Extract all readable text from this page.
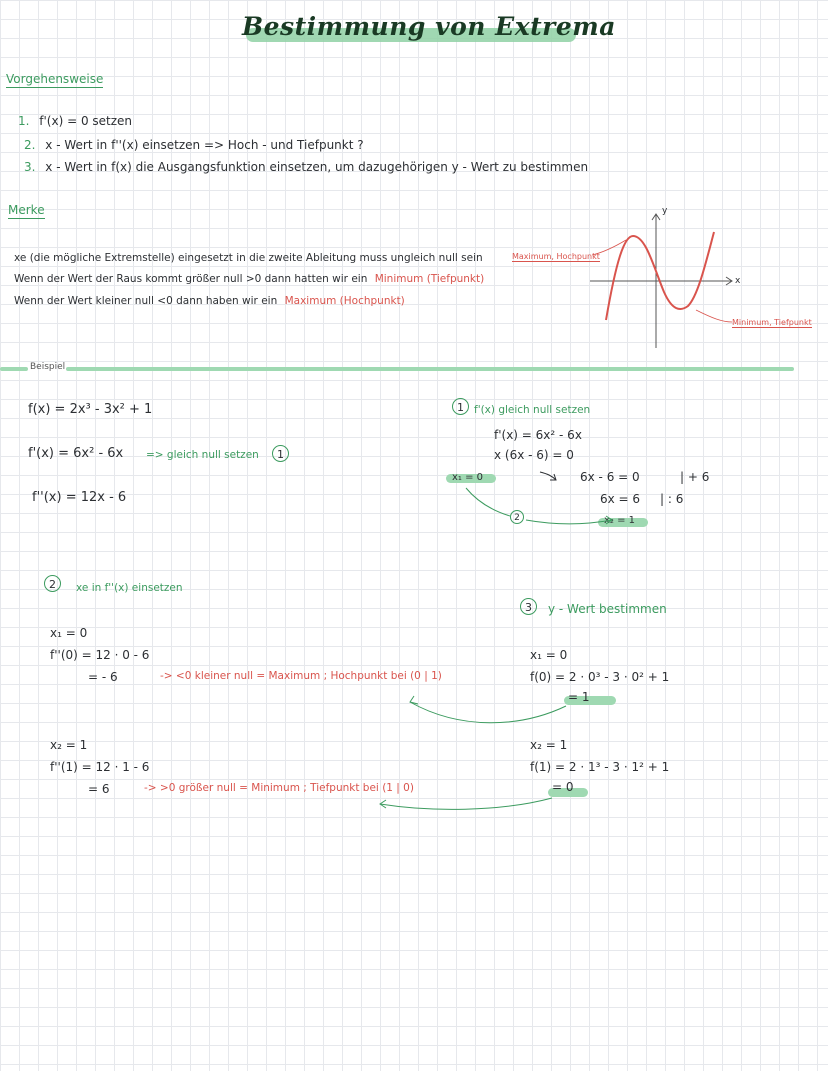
Bestimmung von Extrema
Vorgehensweise
1. f'(x) = 0 setzen
2. x - Wert in f''(x) einsetzen => Hoch - und Tiefpunkt ?
3. x - Wert in f(x) die Ausgangsfunktion einsetzen, um dazugehörigen y - Wert zu bestimmen
Merke
xe (die mögliche Extremstelle) eingesetzt in die zweite Ableitung muss ungleich null sein
Wenn der Wert der Raus kommt größer null >0 dann hatten wir ein Minimum (Tiefpunkt)
Wenn der Wert kleiner null <0 dann haben wir ein Maximum (Hochpunkt)
Maximum, Hochpunkt
Minimum, Tiefpunkt
x
y
Beispiel
f(x) = 2x³ - 3x² + 1
f'(x) = 6x² - 6x => gleich null setzen	1
f''(x) = 12x - 6
1 f'(x) gleich null setzen
f'(x) = 6x² - 6x
x (6x - 6) = 0
x₁ = 0	6x - 6 = 0	| + 6
6x = 6 | : 6
x₂ = 1
2
2	xe in f''(x) einsetzen
x₁ = 0
f''(0) = 12 · 0 - 6
= - 6	-> <0 kleiner null = Maximum ; Hochpunkt bei (0 | 1)
x₂ = 1
f''(1) = 12 · 1 - 6
= 6	-> >0 größer null = Minimum ; Tiefpunkt bei (1 | 0)
3	y - Wert bestimmen
x₁ = 0
f(0) = 2 · 0³ - 3 · 0² + 1
= 1
x₂ = 1
f(1) = 2 · 1³ - 3 · 1² + 1
= 0
